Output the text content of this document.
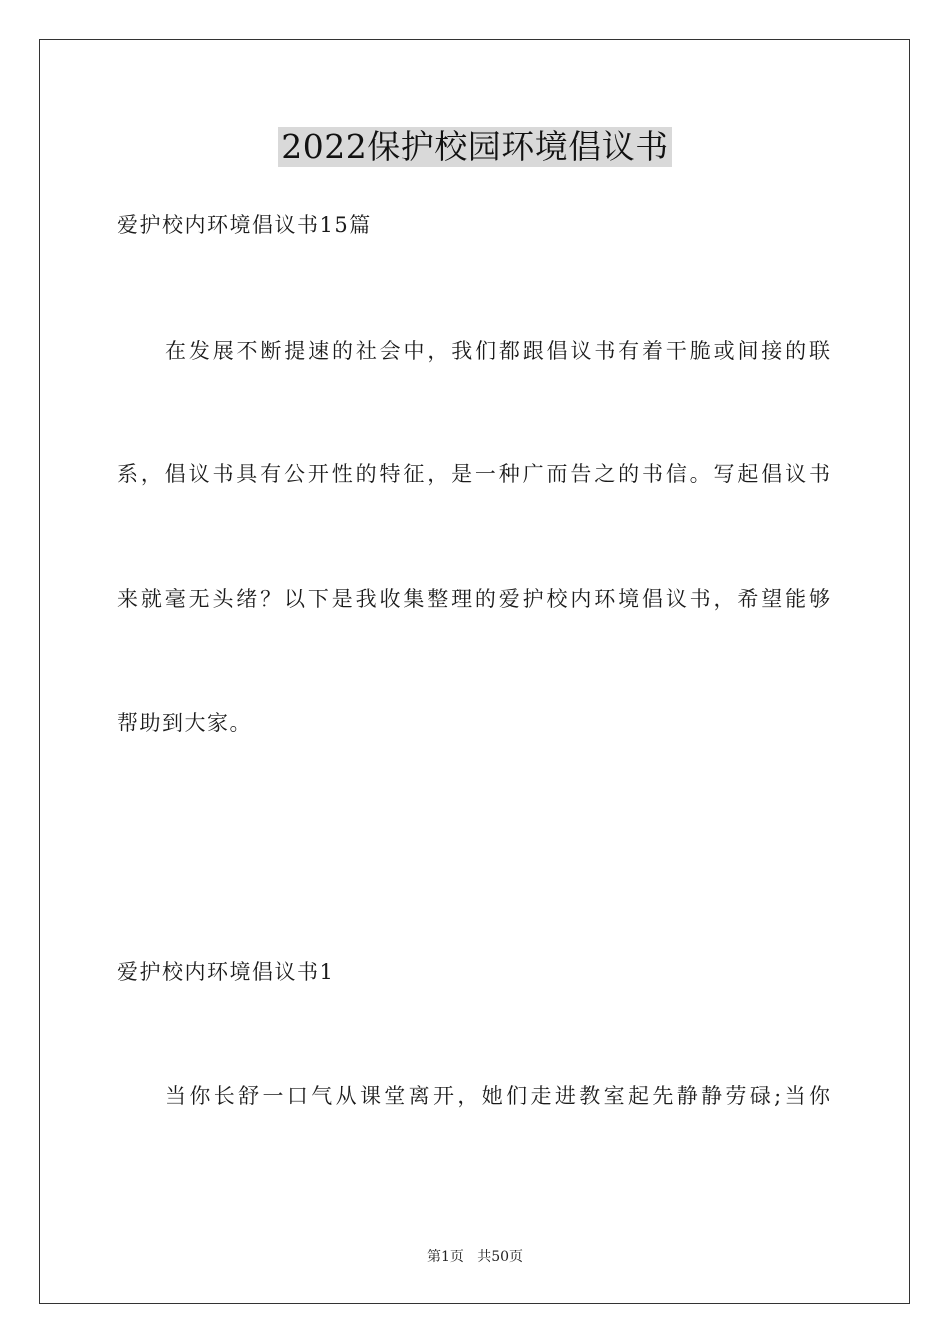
2022保护校园环境倡议书
爱护校内环境倡议书15篇
在发展不断提速的社会中，我们都跟倡议书有着干脆或间接的联
系，倡议书具有公开性的特征，是一种广而告之的书信。写起倡议书
来就毫无头绪？以下是我收集整理的爱护校内环境倡议书，希望能够
帮助到大家。
爱护校内环境倡议书1
当你长舒一口气从课堂离开，她们走进教室起先静静劳碌;当你
第1页   共50页
